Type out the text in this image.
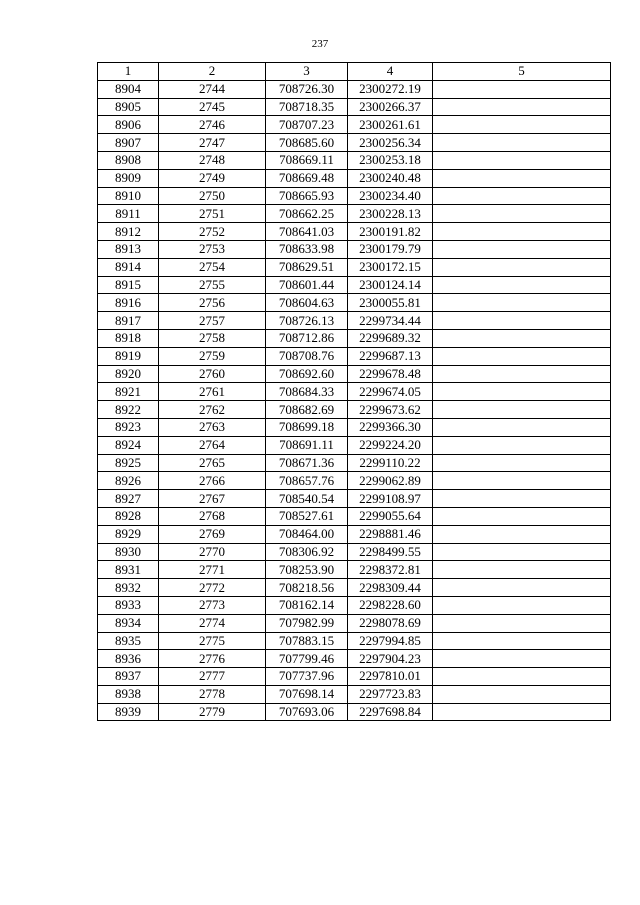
237
1	2	3	4	5
8904	2744	708726.30	2300272.19	
8905	2745	708718.35	2300266.37	
8906	2746	708707.23	2300261.61	
8907	2747	708685.60	2300256.34	
8908	2748	708669.11	2300253.18	
8909	2749	708669.48	2300240.48	
8910	2750	708665.93	2300234.40	
8911	2751	708662.25	2300228.13	
8912	2752	708641.03	2300191.82	
8913	2753	708633.98	2300179.79	
8914	2754	708629.51	2300172.15	
8915	2755	708601.44	2300124.14	
8916	2756	708604.63	2300055.81	
8917	2757	708726.13	2299734.44	
8918	2758	708712.86	2299689.32	
8919	2759	708708.76	2299687.13	
8920	2760	708692.60	2299678.48	
8921	2761	708684.33	2299674.05	
8922	2762	708682.69	2299673.62	
8923	2763	708699.18	2299366.30	
8924	2764	708691.11	2299224.20	
8925	2765	708671.36	2299110.22	
8926	2766	708657.76	2299062.89	
8927	2767	708540.54	2299108.97	
8928	2768	708527.61	2299055.64	
8929	2769	708464.00	2298881.46	
8930	2770	708306.92	2298499.55	
8931	2771	708253.90	2298372.81	
8932	2772	708218.56	2298309.44	
8933	2773	708162.14	2298228.60	
8934	2774	707982.99	2298078.69	
8935	2775	707883.15	2297994.85	
8936	2776	707799.46	2297904.23	
8937	2777	707737.96	2297810.01	
8938	2778	707698.14	2297723.83	
8939	2779	707693.06	2297698.84	
